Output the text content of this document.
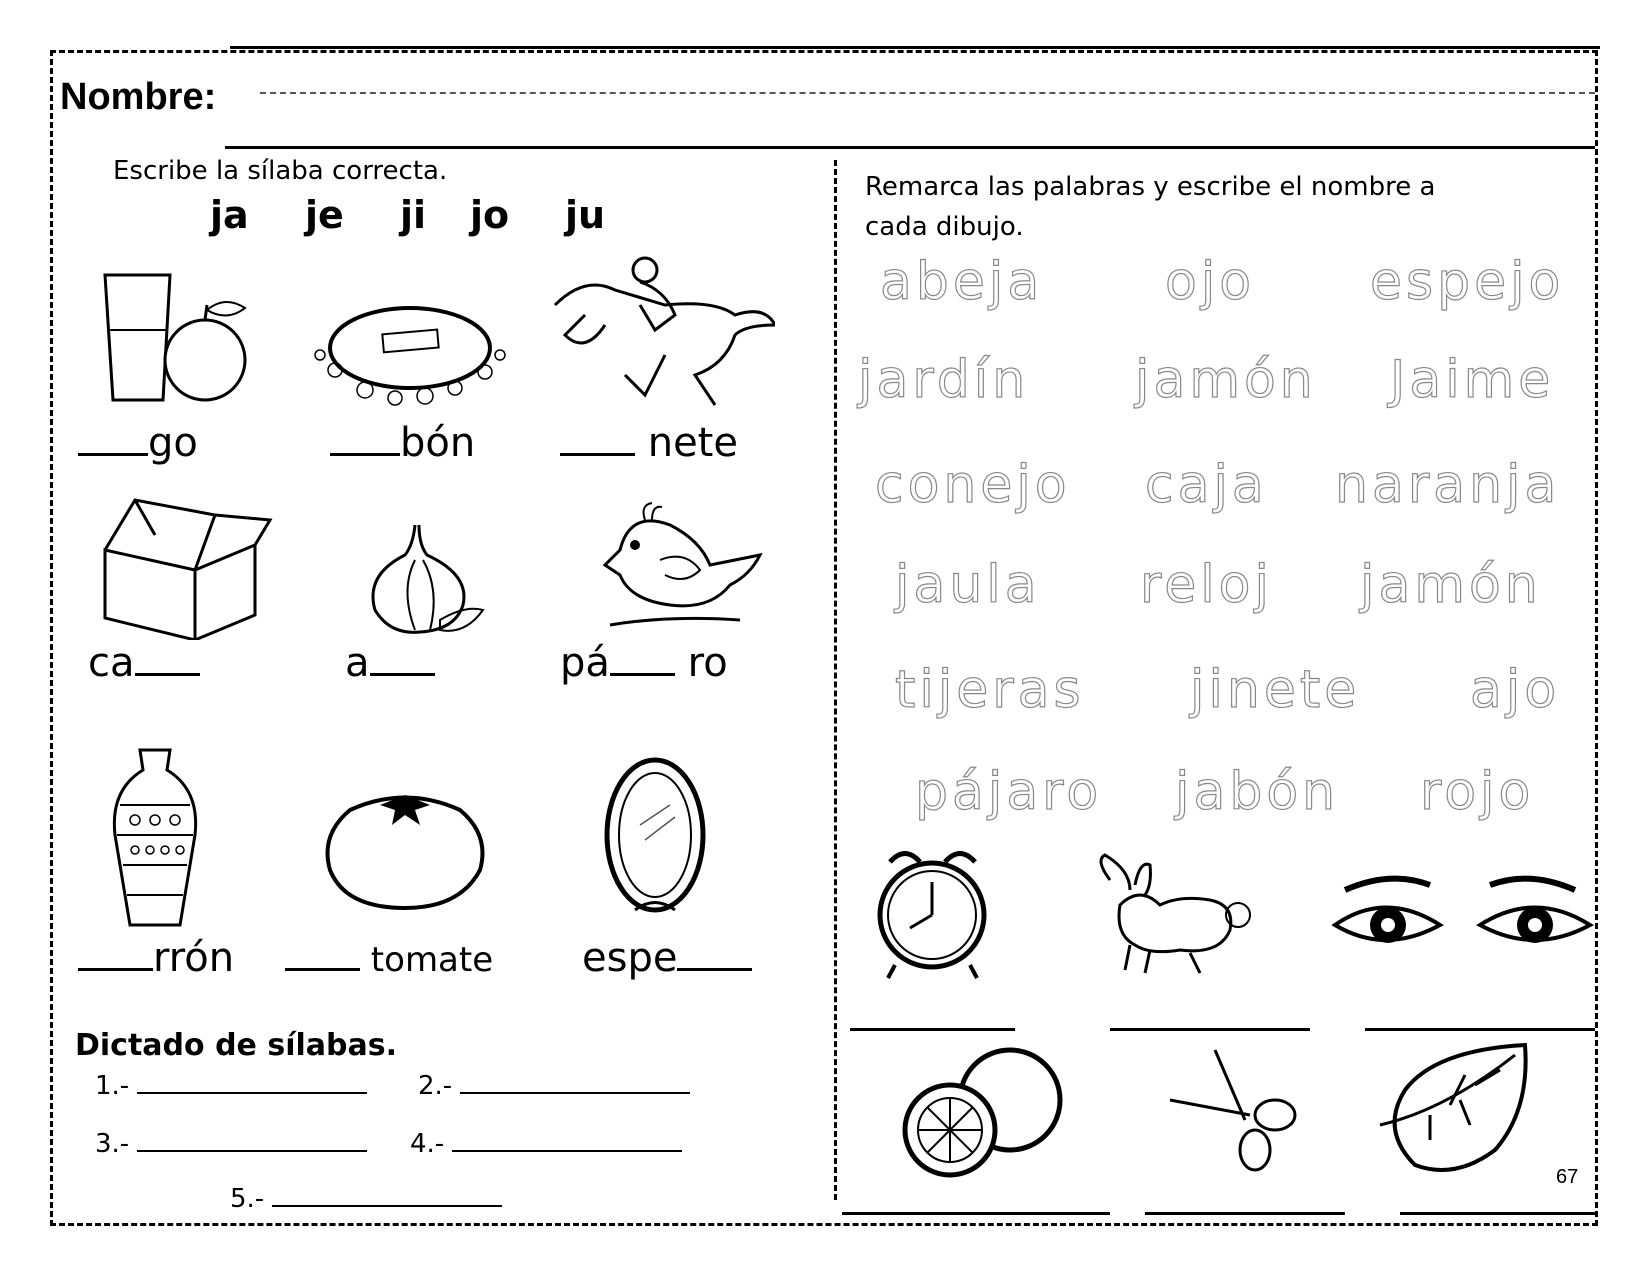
Nombre:
Escribe la sílaba correcta.
ja je ji jo ju
go	bón	nete
ca	a	pá ro
rrón	tomate espe
Dictado de sílabas.
1.-	2.-
3.-	4.-
5.-
Remarca las palabras y escribe el nombre a
cada dibujo.
abeja ojo espejo
jardín jamón Jaime
conejo caja naranja
jaula reloj jamón
tijeras jinete ajo
pájaro jabón rojo
67
